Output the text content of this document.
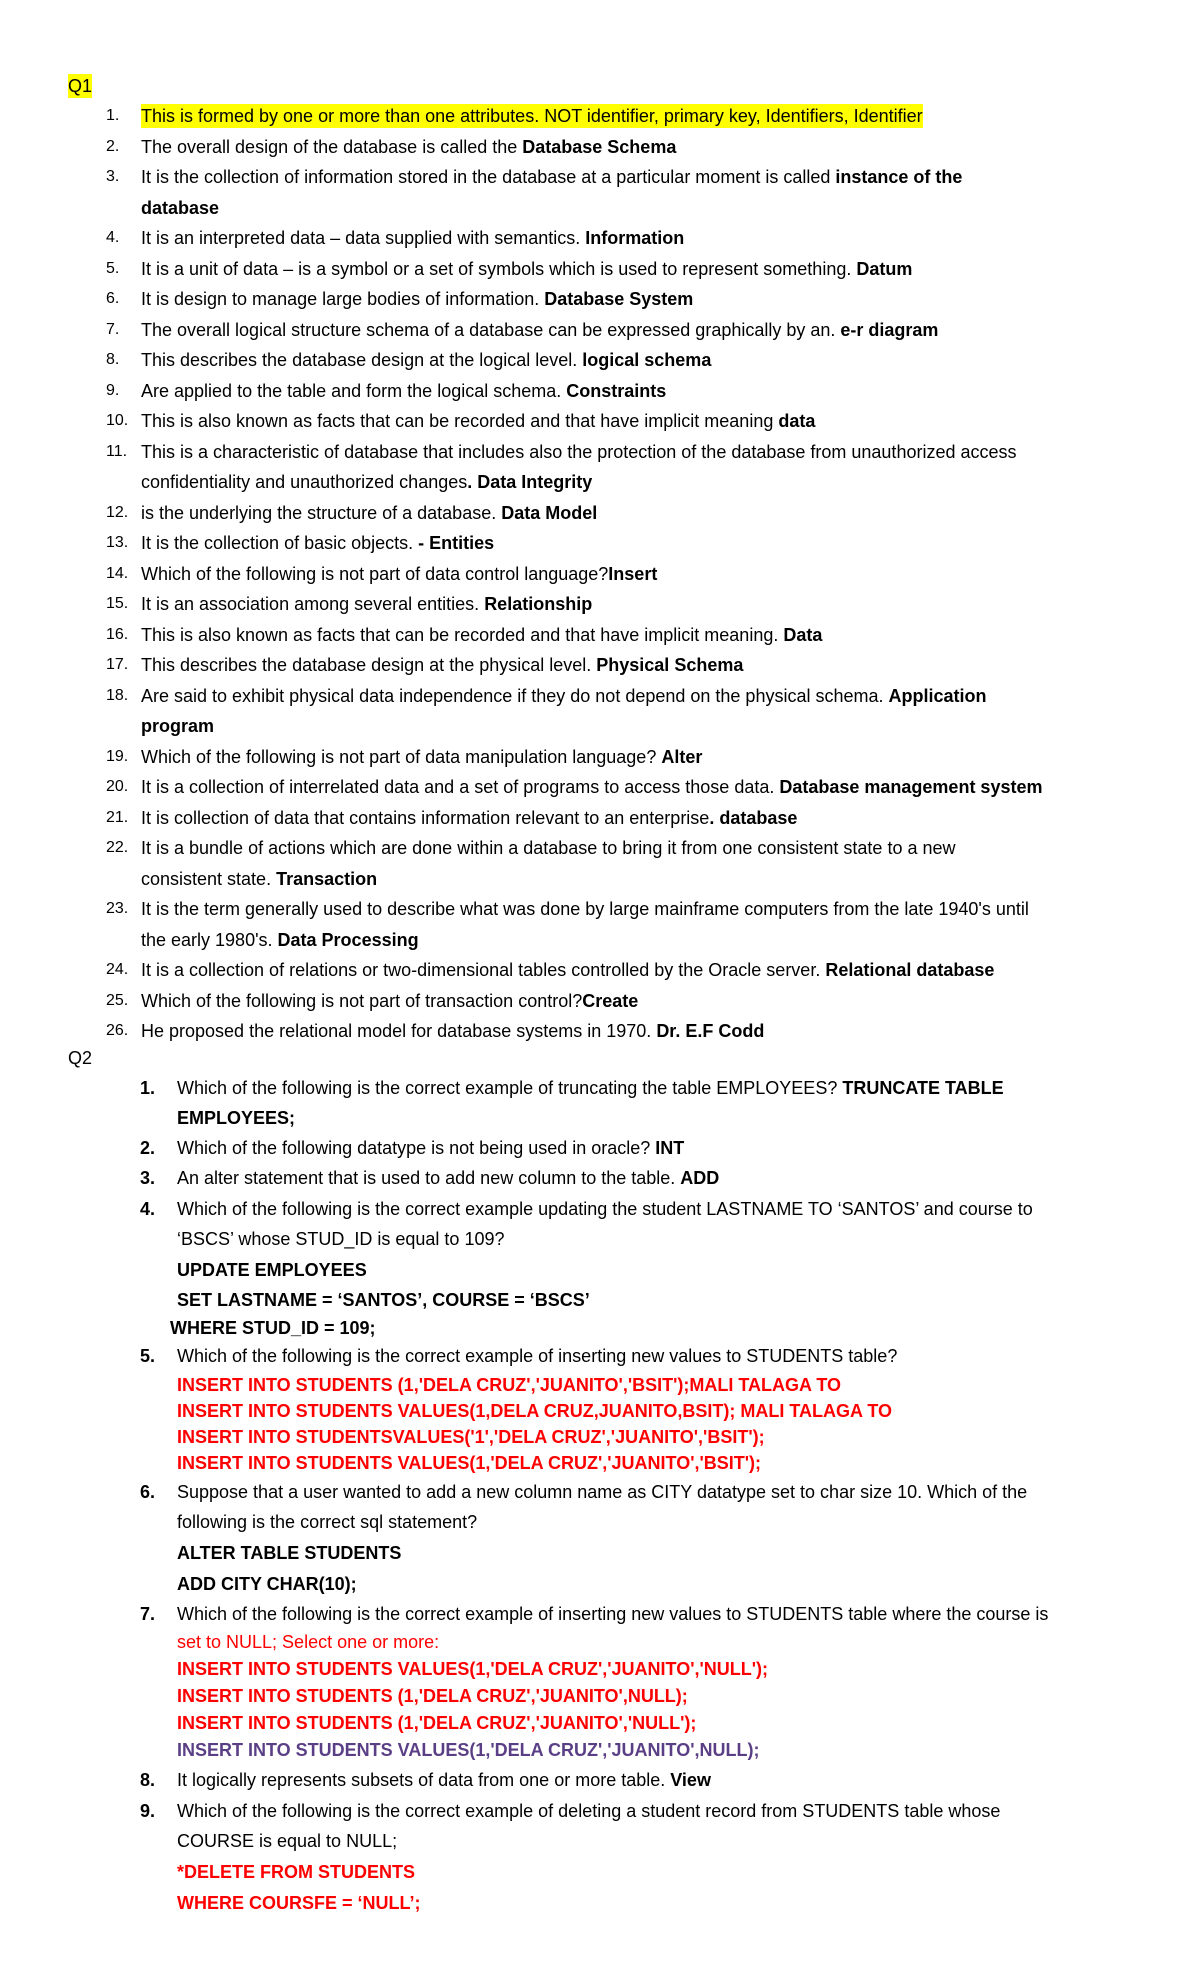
Q1
1.	This is formed by one or more than one attributes. NOT identifier, primary key, Identifiers, Identifier
2.	The overall design of the database is called the Database Schema
3.	It is the collection of information stored in the database at a particular moment is called instance of the
database
4.	It is an interpreted data – data supplied with semantics. Information
5.	It is a unit of data – is a symbol or a set of symbols which is used to represent something. Datum
6.	It is design to manage large bodies of information. Database System
7.	The overall logical structure schema of a database can be expressed graphically by an. e-r diagram
8.	This describes the database design at the logical level. logical schema
9.	Are applied to the table and form the logical schema. Constraints
10. This is also known as facts that can be recorded and that have implicit meaning data
11. This is a characteristic of database that includes also the protection of the database from unauthorized access
confidentiality and unauthorized changes. Data Integrity
12. is the underlying the structure of a database. Data Model
13. It is the collection of basic objects. - Entities
14. Which of the following is not part of data control language?Insert
15. It is an association among several entities. Relationship
16. This is also known as facts that can be recorded and that have implicit meaning. Data
17. This describes the database design at the physical level. Physical Schema
18. Are said to exhibit physical data independence if they do not depend on the physical schema. Application
program
19. Which of the following is not part of data manipulation language? Alter
20. It is a collection of interrelated data and a set of programs to access those data. Database management system
21. It is collection of data that contains information relevant to an enterprise. database
22. It is a bundle of actions which are done within a database to bring it from one consistent state to a new
consistent state. Transaction
23. It is the term generally used to describe what was done by large mainframe computers from the late 1940's until
the early 1980's. Data Processing
24. It is a collection of relations or two-dimensional tables controlled by the Oracle server. Relational database
25. Which of the following is not part of transaction control?Create
26. He proposed the relational model for database systems in 1970. Dr. E.F Codd
Q2
1.	Which of the following is the correct example of truncating the table EMPLOYEES? TRUNCATE TABLE
EMPLOYEES;
2.	Which of the following datatype is not being used in oracle? INT
3.	An alter statement that is used to add new column to the table. ADD
4.	Which of the following is the correct example updating the student LASTNAME TO ‘SANTOS’ and course to
‘BSCS’ whose STUD_ID is equal to 109?
UPDATE EMPLOYEES
SET LASTNAME = ‘SANTOS’, COURSE = ‘BSCS’
WHERE STUD_ID = 109;
5.	Which of the following is the correct example of inserting new values to STUDENTS table?
INSERT INTO STUDENTS (1,'DELA CRUZ','JUANITO','BSIT');MALI TALAGA TO
INSERT INTO STUDENTS VALUES(1,DELA CRUZ,JUANITO,BSIT); MALI TALAGA TO
INSERT INTO STUDENTSVALUES('1','DELA CRUZ','JUANITO','BSIT');
INSERT INTO STUDENTS VALUES(1,'DELA CRUZ','JUANITO','BSIT');
6.	Suppose that a user wanted to add a new column name as CITY datatype set to char size 10. Which of the
following is the correct sql statement?
ALTER TABLE STUDENTS
ADD CITY CHAR(10);
7.	Which of the following is the correct example of inserting new values to STUDENTS table where the course is
set to NULL; Select one or more:
INSERT INTO STUDENTS VALUES(1,'DELA CRUZ','JUANITO','NULL');
INSERT INTO STUDENTS (1,'DELA CRUZ','JUANITO',NULL);
INSERT INTO STUDENTS (1,'DELA CRUZ','JUANITO','NULL');
INSERT INTO STUDENTS VALUES(1,'DELA CRUZ','JUANITO',NULL);
8.	It logically represents subsets of data from one or more table. View
9.	Which of the following is the correct example of deleting a student record from STUDENTS table whose
COURSE is equal to NULL;
*DELETE FROM STUDENTS
WHERE COURSFE = ‘NULL’;
